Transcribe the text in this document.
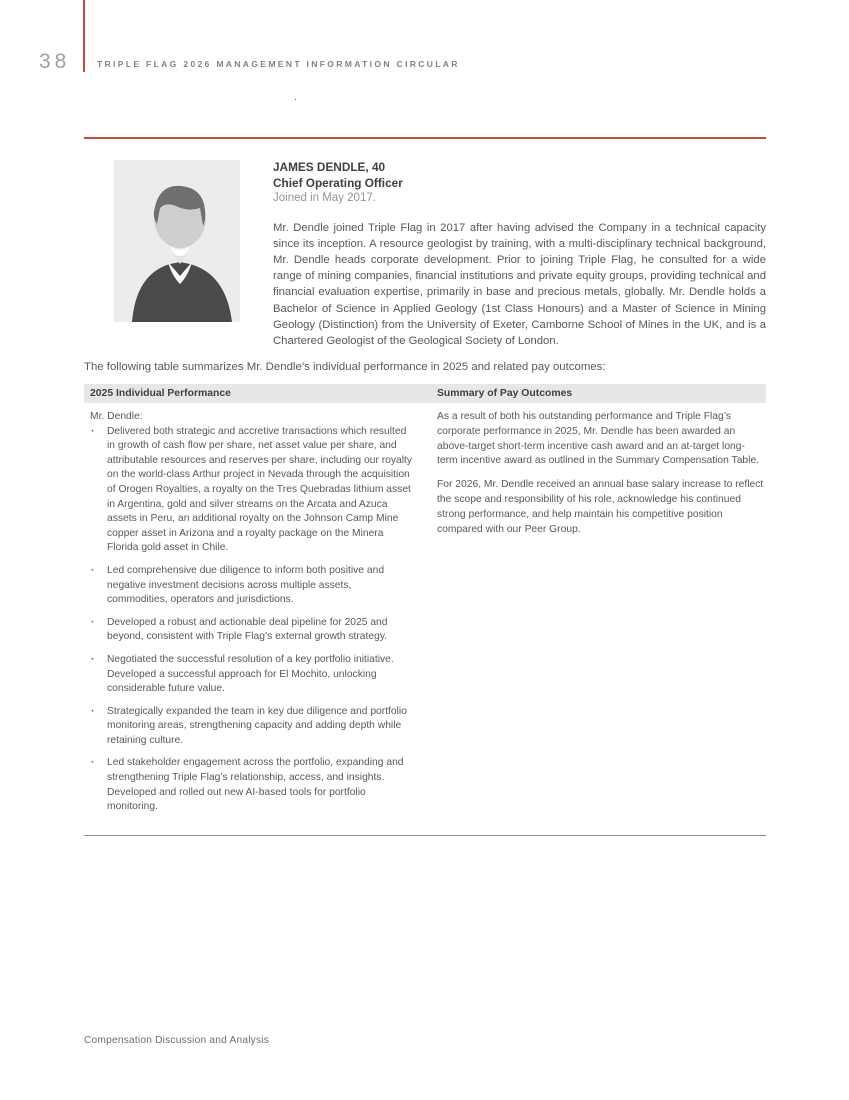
38	TRIPLE FLAG 2026 MANAGEMENT INFORMATION CIRCULAR
.
JAMES DENDLE, 40
Chief Operating Officer
Joined in May 2017.

Mr. Dendle joined Triple Flag in 2017 after having advised the Company in a technical capacity since its inception. A resource geologist by training, with a multi-disciplinary technical background, Mr. Dendle heads corporate development. Prior to joining Triple Flag, he consulted for a wide range of mining companies, financial institutions and private equity groups, providing technical and financial evaluation expertise, primarily in base and precious metals, globally. Mr. Dendle holds a Bachelor of Science in Applied Geology (1st Class Honours) and a Master of Science in Mining Geology (Distinction) from the University of Exeter, Camborne School of Mines in the UK, and is a Chartered Geologist of the Geological Society of London.

The following table summarizes Mr. Dendle’s individual performance in 2025 and related pay outcomes:
2025 Individual Performance	Summary of Pay Outcomes
Mr. Dendle:
· Delivered both strategic and accretive transactions which resulted in growth of cash flow per share, net asset value per share, and attributable resources and reserves per share, including our royalty on the world-class Arthur project in Nevada through the acquisition of Orogen Royalties, a royalty on the Tres Quebradas lithium asset in Argentina, gold and silver streams on the Arcata and Azuca assets in Peru, an additional royalty on the Johnson Camp Mine copper asset in Arizona and a royalty package on the Minera Florida gold asset in Chile.
· Led comprehensive due diligence to inform both positive and negative investment decisions across multiple assets, commodities, operators and jurisdictions.
· Developed a robust and actionable deal pipeline for 2025 and beyond, consistent with Triple Flag’s external growth strategy.
· Negotiated the successful resolution of a key portfolio initiative. Developed a successful approach for El Mochito, unlocking considerable future value.
· Strategically expanded the team in key due diligence and portfolio monitoring areas, strengthening capacity and adding depth while retaining culture.
· Led stakeholder engagement across the portfolio, expanding and strengthening Triple Flag’s relationship, access, and insights. Developed and rolled out new AI-based tools for portfolio monitoring.

As a result of both his outstanding performance and Triple Flag’s corporate performance in 2025, Mr. Dendle has been awarded an above-target short-term incentive cash award and an at-target long-term incentive award as outlined in the Summary Compensation Table.

For 2026, Mr. Dendle received an annual base salary increase to reflect the scope and responsibility of his role, acknowledge his continued strong performance, and help maintain his competitive position compared with our Peer Group.

Compensation Discussion and Analysis
